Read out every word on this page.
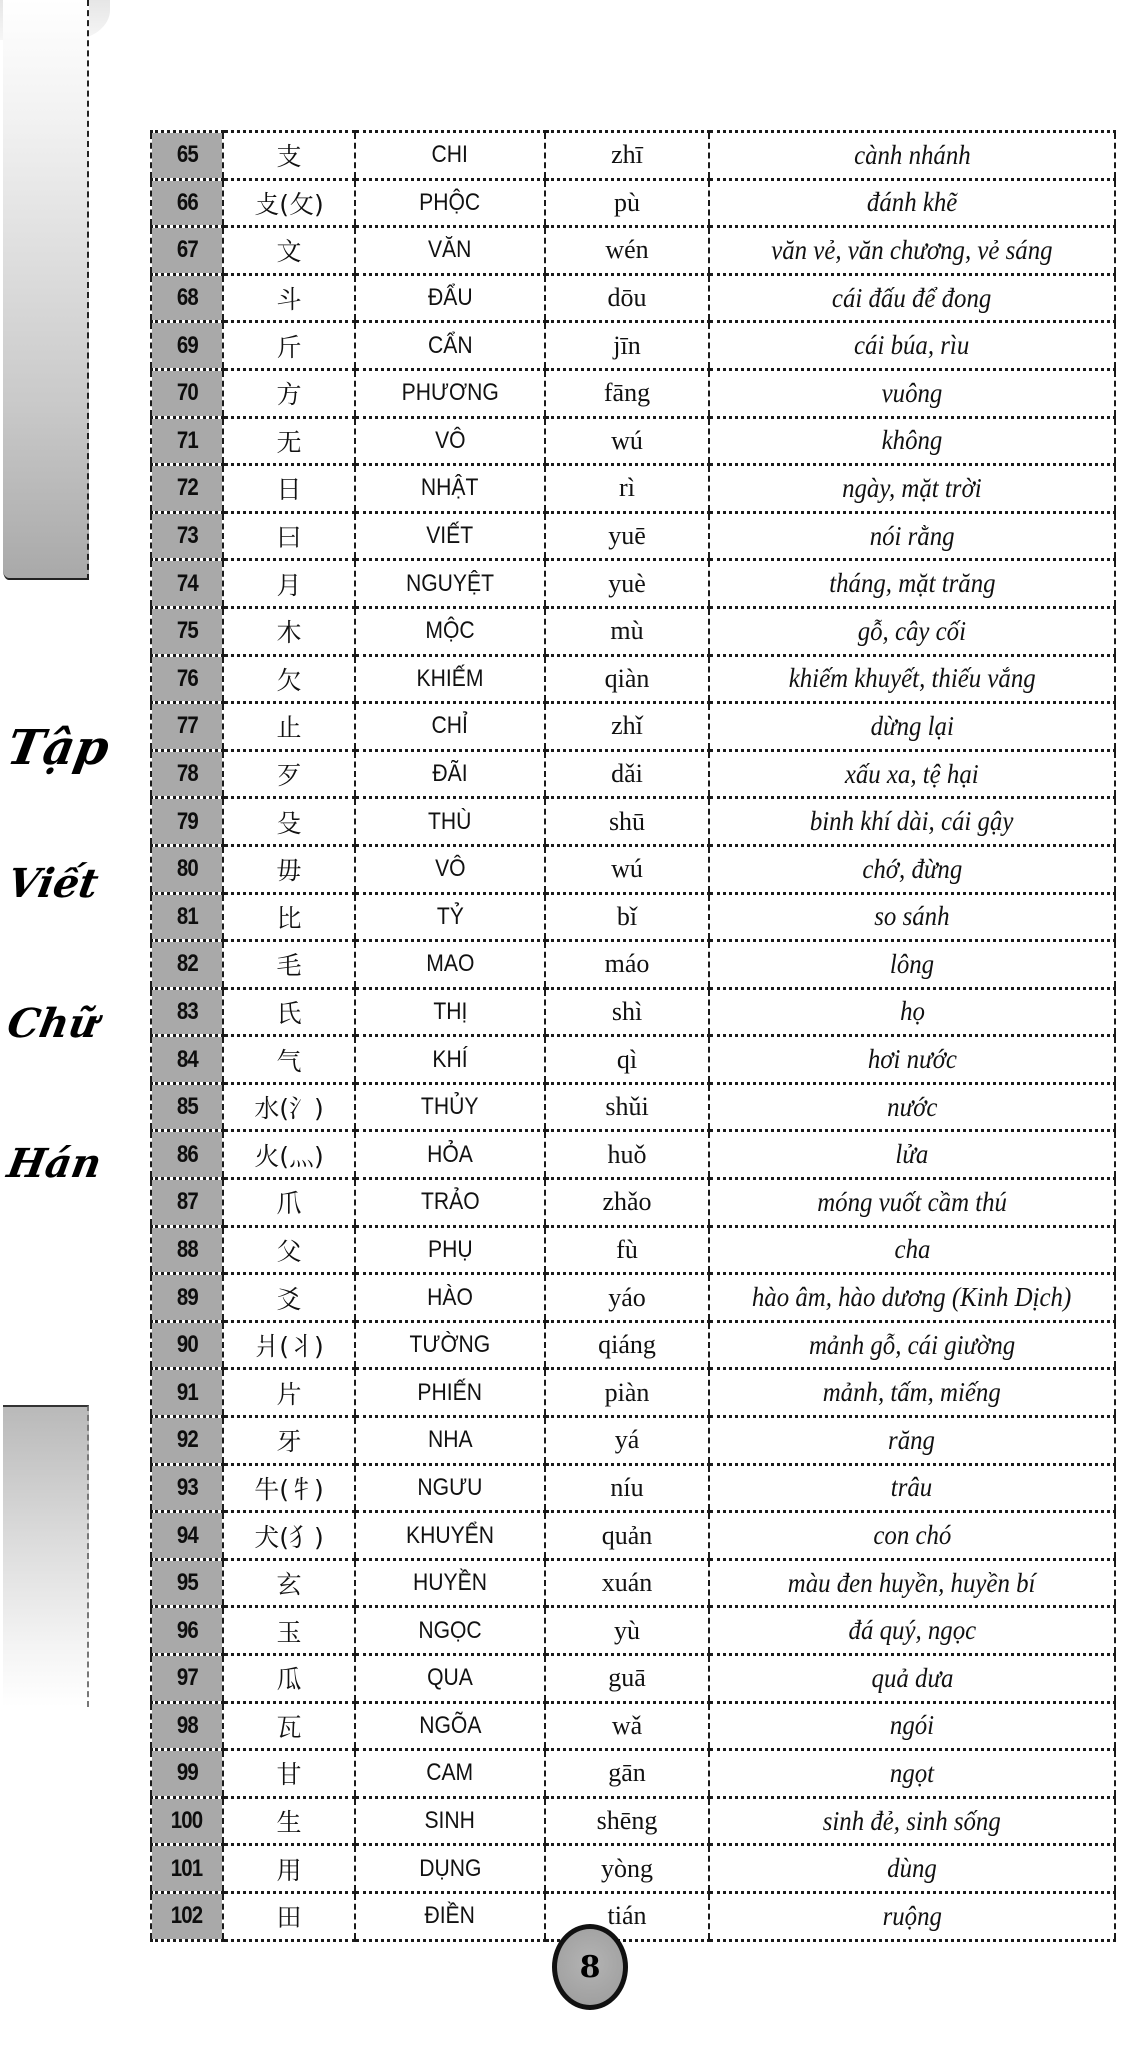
Tập
Viết
Chữ
Hán
65	支	CHI	zhī	cành nhánh
66	攴(攵)	PHỘC	pù	đánh khẽ
67	文	VĂN	wén	văn vẻ, văn chương, vẻ sáng
68	斗	ĐẨU	dōu	cái đấu để đong
69	斤	CẨN	jīn	cái búa, rìu
70	方	PHƯƠNG	fāng	vuông
71	无	VÔ	wú	không
72	日	NHẬT	rì	ngày, mặt trời
73	曰	VIẾT	yuē	nói rằng
74	月	NGUYỆT	yuè	tháng, mặt trăng
75	木	MỘC	mù	gỗ, cây cối
76	欠	KHIẾM	qiàn	khiếm khuyết, thiếu vắng
77	止	CHỈ	zhǐ	dừng lại
78	歹	ĐÃI	dǎi	xấu xa, tệ hại
79	殳	THÙ	shū	binh khí dài, cái gậy
80	毋	VÔ	wú	chớ, đừng
81	比	TỶ	bǐ	so sánh
82	毛	MAO	máo	lông
83	氏	THỊ	shì	họ
84	气	KHÍ	qì	hơi nước
85	水(氵)	THỦY	shǔi	nước
86	火(灬)	HỎA	huǒ	lửa
87	爪	TRẢO	zhǎo	móng vuốt cầm thú
88	父	PHỤ	fù	cha
89	爻	HÀO	yáo	hào âm, hào dương (Kinh Dịch)
90	爿(丬)	TƯỜNG	qiáng	mảnh gỗ, cái giường
91	片	PHIẾN	piàn	mảnh, tấm, miếng
92	牙	NHA	yá	răng
93	牛(牜)	NGƯU	níu	trâu
94	犬(犭)	KHUYỂN	quản	con chó
95	玄	HUYỀN	xuán	màu đen huyền, huyền bí
96	玉	NGỌC	yù	đá quý, ngọc
97	瓜	QUA	guā	quả dưa
98	瓦	NGÕA	wǎ	ngói
99	甘	CAM	gān	ngọt
100	生	SINH	shēng	sinh đẻ, sinh sống
101	用	DỤNG	yòng	dùng
102	田	ĐIỀN	tián	ruộng
8
